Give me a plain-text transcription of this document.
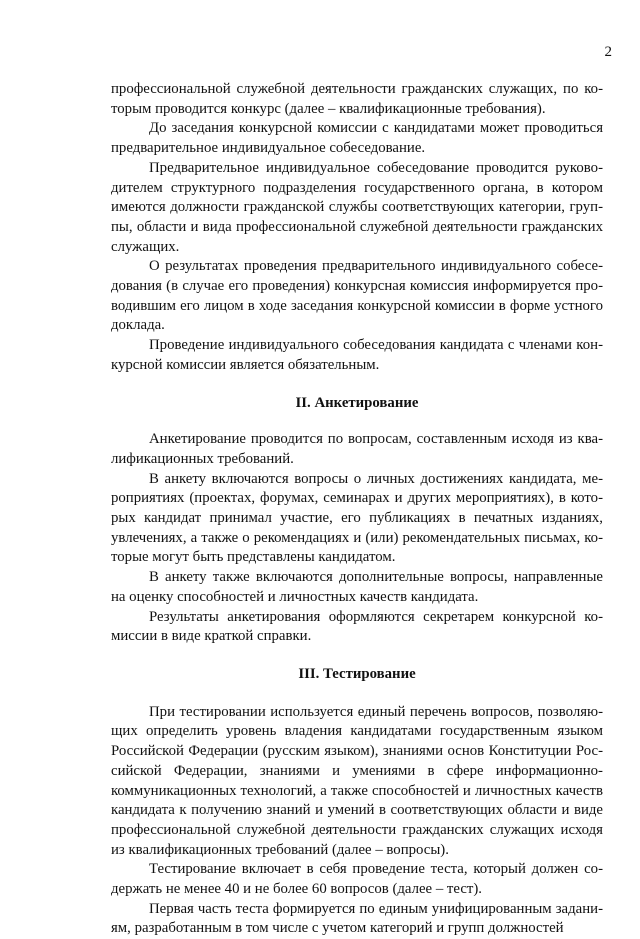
2

профессиональной служебной деятельности гражданских служащих, по которым проводится конкурс (далее – квалификационные требования).

До заседания конкурсной комиссии с кандидатами может проводиться предварительное индивидуальное собеседование.

Предварительное индивидуальное собеседование проводится руководителем структурного подразделения государственного органа, в котором имеются должности гражданской службы соответствующих категории, группы, области и вида профессиональной служебной деятельности гражданских служащих.

О результатах проведения предварительного индивидуального собеседования (в случае его проведения) конкурсная комиссия информируется проводившим его лицом в ходе заседания конкурсной комиссии в форме устного доклада.

Проведение индивидуального собеседования кандидата с членами конкурсной комиссии является обязательным.

II. Анкетирование

Анкетирование проводится по вопросам, составленным исходя из квалификационных требований.

В анкету включаются вопросы о личных достижениях кандидата, мероприятиях (проектах, форумах, семинарах и других мероприятиях), в которых кандидат принимал участие, его публикациях в печатных изданиях, увлечениях, а также о рекомендациях и (или) рекомендательных письмах, которые могут быть представлены кандидатом.

В анкету также включаются дополнительные вопросы, направленные на оценку способностей и личностных качеств кандидата.

Результаты анкетирования оформляются секретарем конкурсной комиссии в виде краткой справки.

III. Тестирование

При тестировании используется единый перечень вопросов, позволяющих определить уровень владения кандидатами государственным языком Российской Федерации (русским языком), знаниями основ Конституции Российской Федерации, знаниями и умениями в сфере информационно-коммуникационных технологий, а также способностей и личностных качеств кандидата к получению знаний и умений в соответствующих области и виде профессиональной служебной деятельности гражданских служащих исходя из квалификационных требований (далее – вопросы).

Тестирование включает в себя проведение теста, который должен содержать не менее 40 и не более 60 вопросов (далее – тест).

Первая часть теста формируется по единым унифицированным заданиям, разработанным в том числе с учетом категорий и групп должностей
